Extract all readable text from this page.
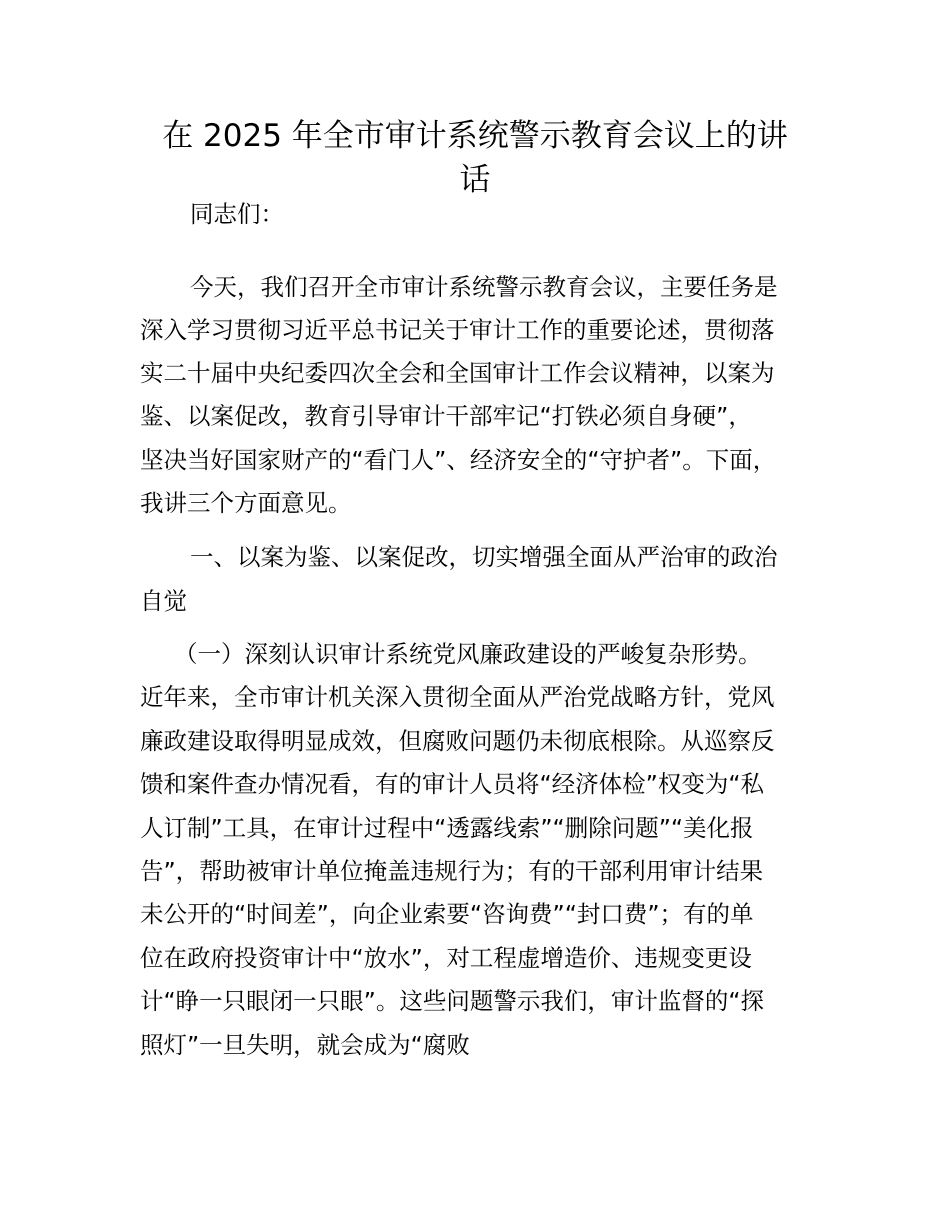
在 2025 年全市审计系统警示教育会议上的讲
话

同志们：

今天，我们召开全市审计系统警示教育会议，主要任务是

深入学习贯彻习近平总书记关于审计工作的重要论述，贯彻落

实二十届中央纪委四次全会和全国审计工作会议精神，以案为

鉴、以案促改，教育引导审计干部牢记“打铁必须自身硬”，

坚决当好国家财产的“看门人”、经济安全的“守护者”。下面，

我讲三个方面意见。

一、以案为鉴、以案促改，切实增强全面从严治审的政治

自觉

（一）深刻认识审计系统党风廉政建设的严峻复杂形势。

近年来，全市审计机关深入贯彻全面从严治党战略方针，党风

廉政建设取得明显成效，但腐败问题仍未彻底根除。从巡察反

馈和案件查办情况看，有的审计人员将“经济体检”权变为“私

人订制”工具，在审计过程中“透露线索”“删除问题”“美化报

告”，帮助被审计单位掩盖违规行为；有的干部利用审计结果

未公开的“时间差”，向企业索要“咨询费”“封口费”；有的单

位在政府投资审计中“放水”，对工程虚增造价、违规变更设

计“睁一只眼闭一只眼”。这些问题警示我们，审计监督的“探

照灯”一旦失明，就会成为“腐败
